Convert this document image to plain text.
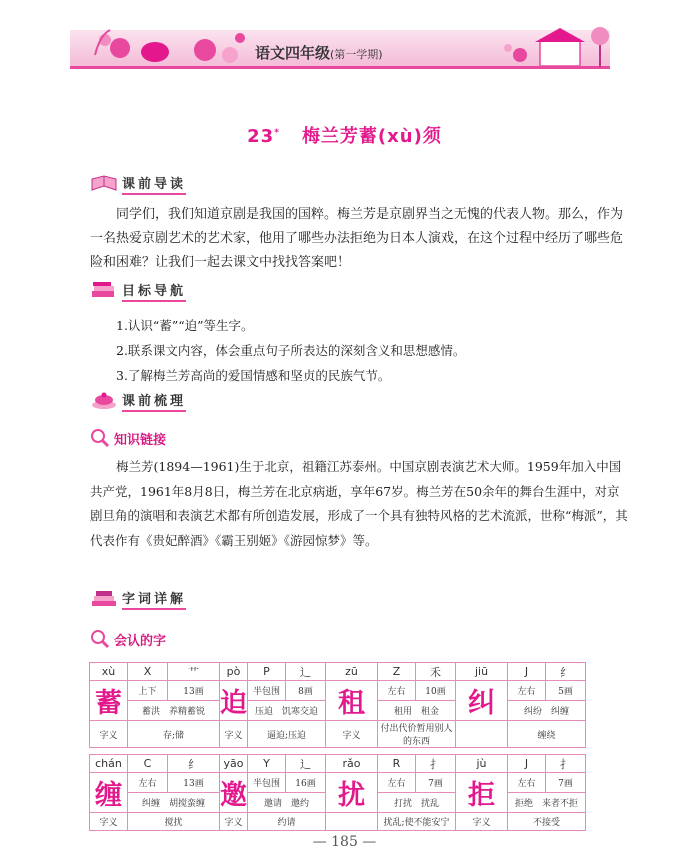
语文四年级(第一学期)
23* 梅兰芳蓄(xù)须
课前导读
同学们，我们知道京剧是我国的国粹。梅兰芳是京剧界当之无愧的代表人物。那么，作为一名热爱京剧艺术的艺术家，他用了哪些办法拒绝为日本人演戏，在这个过程中经历了哪些危险和困难？让我们一起去课文中找找答案吧！
目标导航
1.认识“蓄”“迫”等生字。
2.联系课文内容，体会重点句子所表达的深刻含义和思想感情。
3.了解梅兰芳高尚的爱国情感和坚贞的民族气节。
课前梳理
知识链接
梅兰芳(1894—1961)生于北京，祖籍江苏泰州。中国京剧表演艺术大师。1959年加入中国共产党，1961年8月8日，梅兰芳在北京病逝，享年67岁。梅兰芳在50余年的舞台生涯中，对京剧旦角的演唱和表演艺术都有所创造发展，形成了一个具有独特风格的艺术流派，世称“梅派”，其代表作有《贵妃醉酒》《霸王别姬》《游园惊梦》等。
字词详解
会认的字
xù	X	艹	pò	P	辶	zū	Z	禾	jiū	J	纟
蓄	上下	13画	迫	半包围	8画	租	左右	10画	纠	左右	5画
	蓄洪　养精蓄锐			压迫　饥寒交迫			租用　租金			纠纷　纠缠	
字义	存;储		字义	逼迫;压迫		字义	付出代价暂用别人的东西			缠绕	

chán	C	纟	yāo	Y	辶	rǎo	R	扌	jù	J	扌
缠	左右	13画	邀	半包围	16画	扰	左右	7画	拒	左右	7画
	纠缠　胡搅蛮缠			邀请　邀约			打扰　扰乱			拒绝　来者不拒	
字义	搅扰		字义	约请			扰乱;使不能安宁		字义	不接受	
— 185 —
